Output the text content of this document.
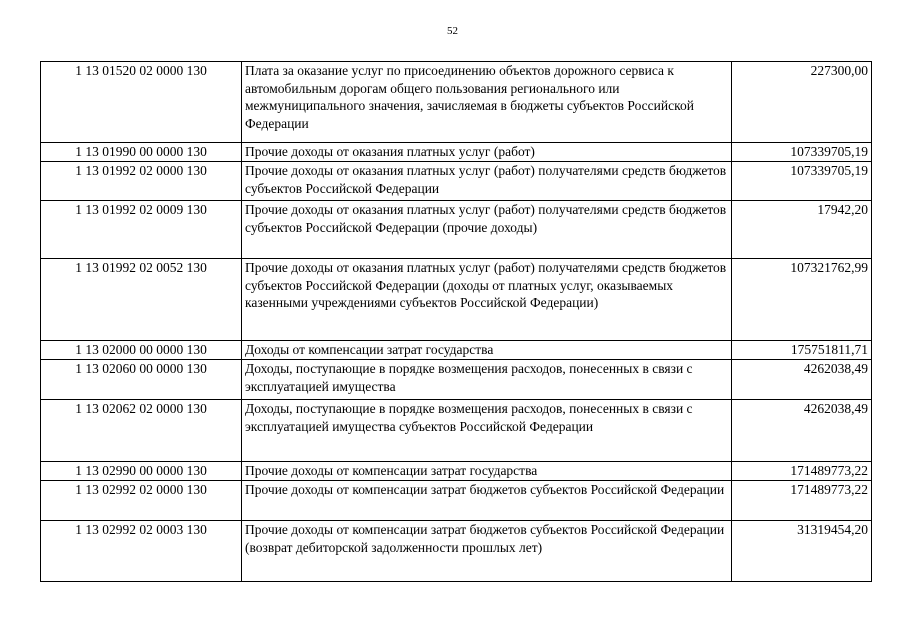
52
1 13 01520 02 0000 130	Плата за оказание услуг по присоединению объектов дорожного сервиса к автомобильным дорогам общего пользования регионального или межмуниципального значения, зачисляемая в бюджеты субъектов Российской Федерации	227300,00
1 13 01990 00 0000 130	Прочие доходы от оказания платных услуг (работ)	107339705,19
1 13 01992 02 0000 130	Прочие доходы от оказания платных услуг (работ) получателями средств бюджетов субъектов Российской Федерации	107339705,19
1 13 01992 02 0009 130	Прочие доходы от оказания платных услуг (работ) получателями средств бюджетов субъектов Российской Федерации (прочие доходы)	17942,20
1 13 01992 02 0052 130	Прочие доходы от оказания платных услуг (работ) получателями средств бюджетов субъектов Российской Федерации (доходы от платных услуг, оказываемых казенными учреждениями субъектов Российской Федерации)	107321762,99
1 13 02000 00 0000 130	Доходы от компенсации затрат государства	175751811,71
1 13 02060 00 0000 130	Доходы, поступающие в порядке возмещения расходов, понесенных в связи с эксплуатацией имущества	4262038,49
1 13 02062 02 0000 130	Доходы, поступающие в порядке возмещения расходов, понесенных в связи с эксплуатацией имущества субъектов Российской Федерации	4262038,49
1 13 02990 00 0000 130	Прочие доходы от компенсации затрат государства	171489773,22
1 13 02992 02 0000 130	Прочие доходы от компенсации затрат бюджетов субъектов Российской Федерации	171489773,22
1 13 02992 02 0003 130	Прочие доходы от компенсации затрат бюджетов субъектов Российской Федерации (возврат дебиторской задолженности прошлых лет)	31319454,20
